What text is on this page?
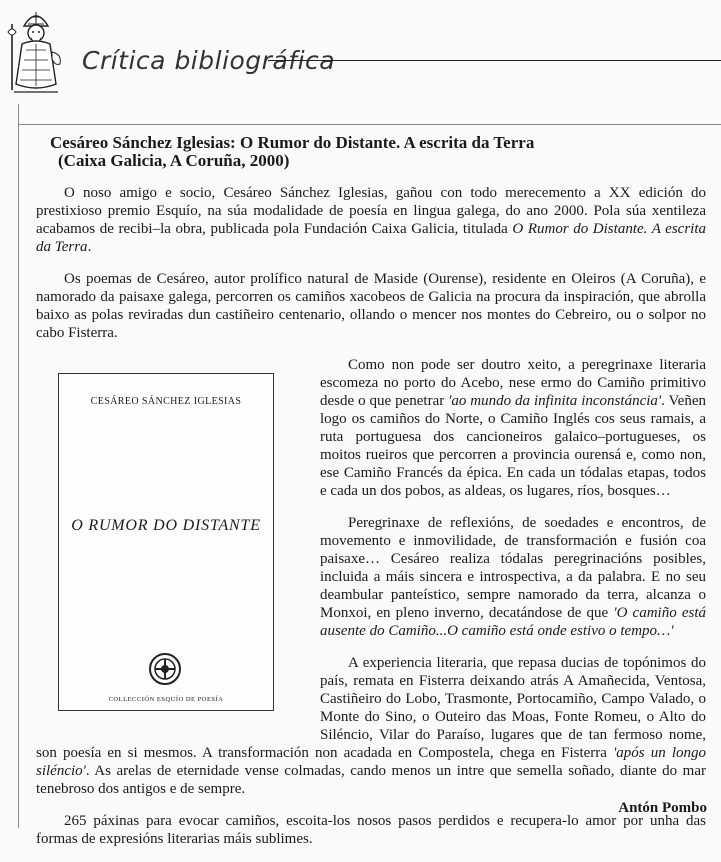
Crítica bibliográfica
Cesáreo Sánchez Iglesias: O Rumor do Distante. A escrita da Terra
(Caixa Galicia, A Coruña, 2000)

O noso amigo e socio, Cesáreo Sánchez Iglesias, gañou con todo merecemento a XX edición do prestixioso premio Esquío, na súa modalidade de poesía en lingua galega, do ano 2000. Pola súa xentileza acabamos de recibi–la obra, publicada pola Fundación Caixa Galicia, titulada O Rumor do Distante. A escrita da Terra.

Os poemas de Cesáreo, autor prolífico natural de Maside (Ourense), residente en Oleiros (A Coruña), e namorado da paisaxe galega, percorren os camiños xacobeos de Galicia na procura da inspiración, que abrolla baixo as polas reviradas dun castiñeiro centenario, ollando o mencer nos montes do Cebreiro, ou o solpor no cabo Fisterra.

CESÁREO SÁNCHEZ IGLESIAS
O RUMOR DO DISTANTE
COLLECCIÓN ESQUÍO DE POESÍA

Como non pode ser doutro xeito, a peregrinaxe literaria escomeza no porto do Acebo, nese ermo do Camiño primitivo desde o que penetrar 'ao mundo da infinita inconstáncia'. Veñen logo os camiños do Norte, o Camiño Inglés cos seus ramais, a ruta portuguesa dos cancioneiros galaico–portugueses, os moitos rueiros que percorren a provincia ourensá e, como non, ese Camiño Francés da épica. En cada un tódalas etapas, todos e cada un dos pobos, as aldeas, os lugares, ríos, bosques…

Peregrinaxe de reflexións, de soedades e encontros, de movemento e inmovilidade, de transformación e fusión coa paisaxe… Cesáreo realiza tódalas peregrinacións posibles, incluida a máis sincera e introspectiva, a da palabra. E no seu deambular panteístico, sempre namorado da terra, alcanza o Monxoi, en pleno inverno, decatándose de que 'O camiño está ausente do Camiño...O camiño está onde estivo o tempo…'

A experiencia literaria, que repasa ducias de topónimos do país, remata en Fisterra deixando atrás A Amañecida, Ventosa, Castiñeiro do Lobo, Trasmonte, Portocamiño, Campo Valado, o Monte do Sino, o Outeiro das Moas, Fonte Romeu, o Alto do Siléncio, Vilar do Paraíso, lugares que de tan fermoso nome, son poesía en si mesmos. A transformación non acadada en Compostela, chega en Fisterra 'após un longo siléncio'. As arelas de eternidade vense colmadas, cando menos un intre que semella soñado, diante do mar tenebroso dos antigos e de sempre.

265 páxinas para evocar camiños, escoita-los nosos pasos perdidos e recupera-lo amor por unha das formas de expresións literarias máis sublimes.

Antón Pombo
